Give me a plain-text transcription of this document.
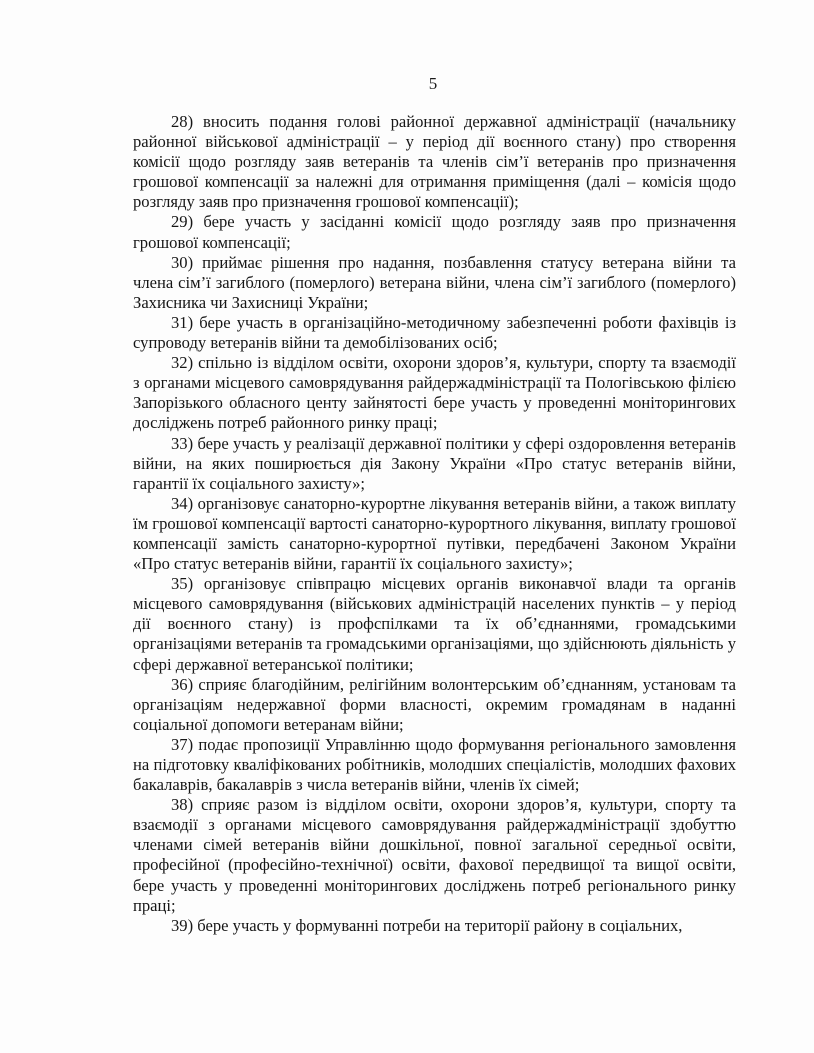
5

28) вносить подання голові районної державної адміністрації (начальнику районної військової адміністрації – у період дії воєнного стану) про створення комісії щодо розгляду заяв ветеранів та членів сім’ї ветеранів про призначення грошової компенсації за належні для отримання приміщення (далі – комісія щодо розгляду заяв про призначення грошової компенсації);

29) бере участь у засіданні комісії щодо розгляду заяв про призначення грошової компенсації;

30) приймає рішення про надання, позбавлення статусу ветерана війни та члена сім’ї загиблого (померлого) ветерана війни, члена сім’ї загиблого (померлого) Захисника чи Захисниці України;

31) бере участь в організаційно-методичному забезпеченні роботи фахівців із супроводу ветеранів війни та демобілізованих осіб;

32) спільно із відділом освіти, охорони здоров’я, культури, спорту та взаємодії з органами місцевого самоврядування райдержадміністрації та Пологівською філією Запорізького обласного центу зайнятості бере участь у проведенні моніторингових досліджень потреб районного ринку праці;

33) бере участь у реалізації державної політики у сфері оздоровлення ветеранів війни, на яких поширюється дія Закону України «Про статус ветеранів війни, гарантії їх соціального захисту»;

34) організовує санаторно-курортне лікування ветеранів війни, а також виплату їм грошової компенсації вартості санаторно-курортного лікування, виплату грошової компенсації замість санаторно-курортної путівки, передбачені Законом України «Про статус ветеранів війни, гарантії їх соціального захисту»;

35) організовує співпрацю місцевих органів виконавчої влади та органів місцевого самоврядування (військових адміністрацій населених пунктів – у період дії воєнного стану) із профспілками та їх об’єднаннями, громадськими організаціями ветеранів та громадськими організаціями, що здійснюють діяльність у сфері державної ветеранської політики;

36) сприяє благодійним, релігійним волонтерським об’єднанням, установам та організаціям недержавної форми власності, окремим громадянам в наданні соціальної допомоги ветеранам війни;

37) подає пропозиції Управлінню щодо формування регіонального замовлення на підготовку кваліфікованих робітників, молодших спеціалістів, молодших фахових бакалаврів, бакалаврів з числа ветеранів війни, членів їх сімей;

38) сприяє разом із відділом освіти, охорони здоров’я, культури, спорту та взаємодії з органами місцевого самоврядування райдержадміністрації здобуттю членами сімей ветеранів війни дошкільної, повної загальної середньої освіти, професійної (професійно-технічної) освіти, фахової передвищої та вищої освіти, бере участь у проведенні моніторингових досліджень потреб регіонального ринку праці;

39) бере участь у формуванні потреби на території району в соціальних,
